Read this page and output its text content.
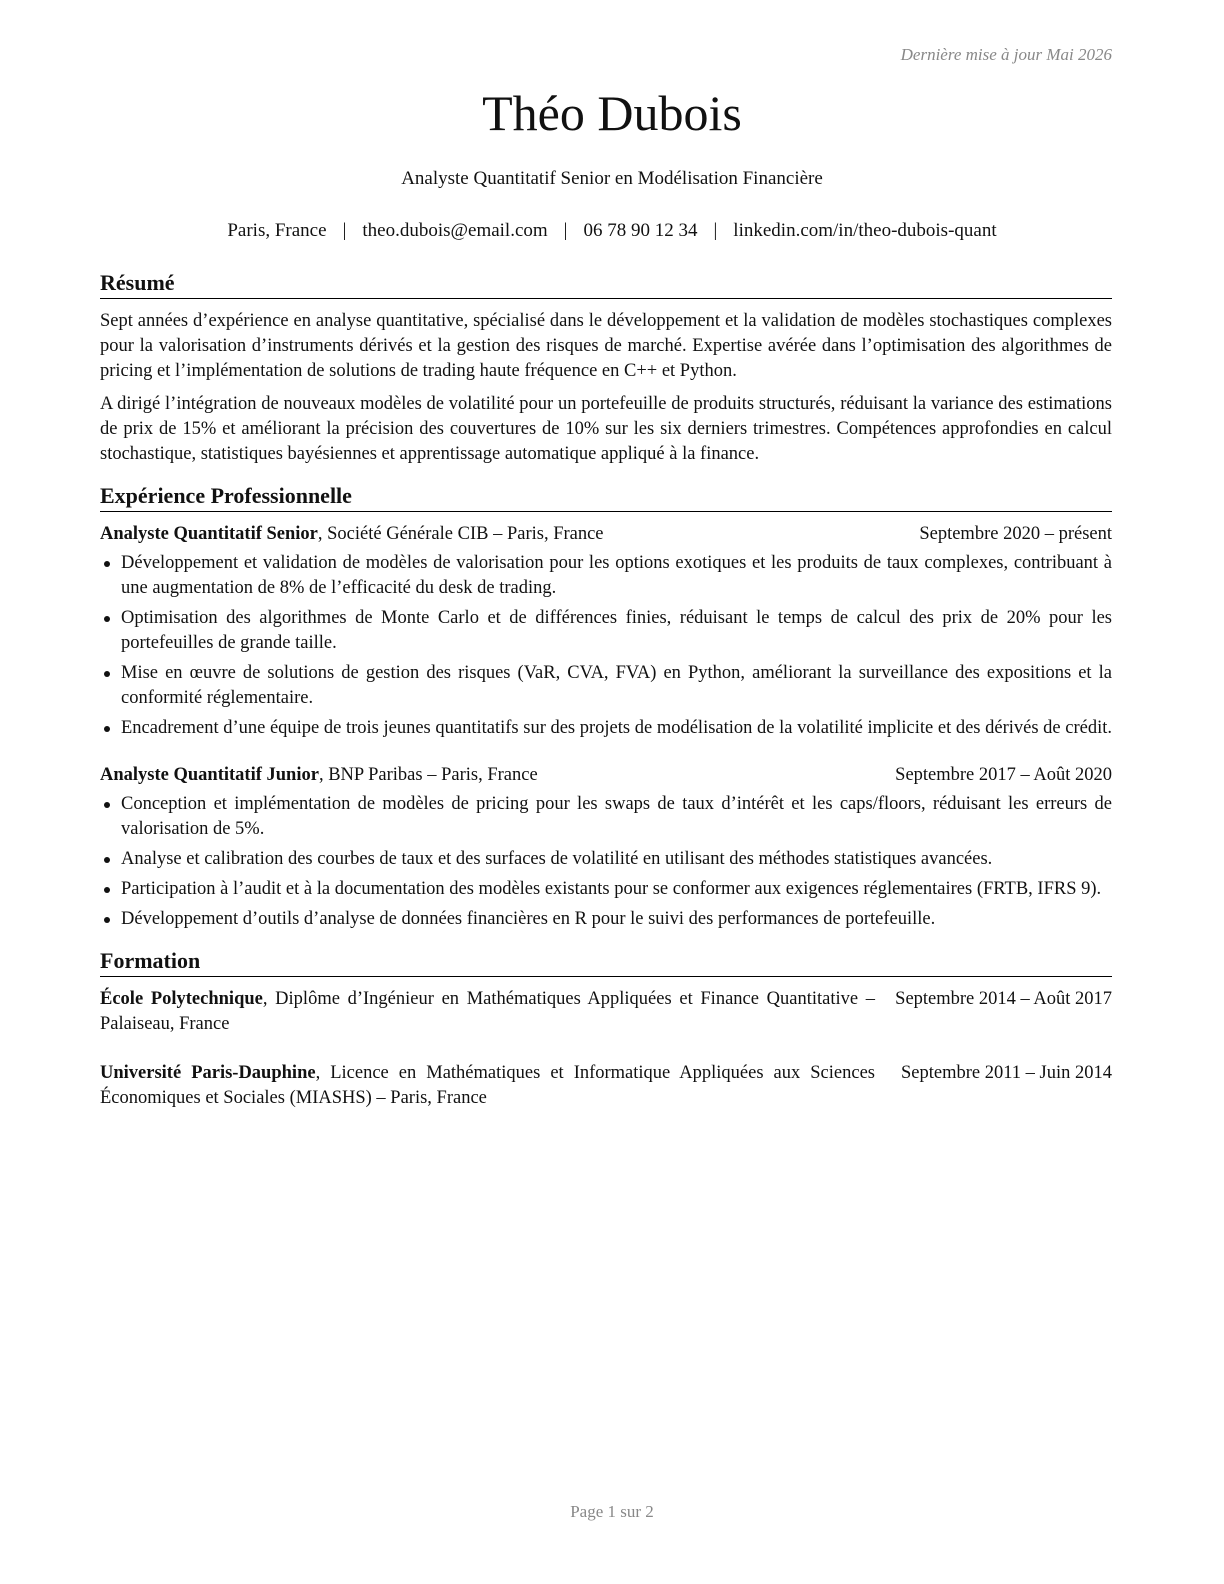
Dernière mise à jour Mai 2026
Théo Dubois
Analyste Quantitatif Senior en Modélisation Financière
Paris, France | theo.dubois@email.com | 06 78 90 12 34 | linkedin.com/in/theo-dubois-quant
Résumé

Sept années d’expérience en analyse quantitative, spécialisé dans le développement et la validation de modèles stochastiques complexes pour la valorisation d’instruments dérivés et la gestion des risques de marché. Expertise avérée dans l’optimisation des algorithmes de pricing et l’implémentation de solutions de trading haute fréquence en C++ et Python.

A dirigé l’intégration de nouveaux modèles de volatilité pour un portefeuille de produits structurés, réduisant la variance des estimations de prix de 15% et améliorant la précision des couvertures de 10% sur les six derniers trimestres. Compétences approfondies en calcul stochastique, statistiques bayésiennes et apprentissage automatique appliqué à la finance.

Expérience Professionnelle
Analyste Quantitatif Senior, Société Générale CIB – Paris, France	Septembre 2020 – présent
Développement et validation de modèles de valorisation pour les options exotiques et les produits de taux complexes, contribuant à une augmentation de 8% de l’efficacité du desk de trading.
Optimisation des algorithmes de Monte Carlo et de différences finies, réduisant le temps de calcul des prix de 20% pour les portefeuilles de grande taille.
Mise en œuvre de solutions de gestion des risques (VaR, CVA, FVA) en Python, améliorant la surveillance des expositions et la conformité réglementaire.
Encadrement d’une équipe de trois jeunes quantitatifs sur des projets de modélisation de la volatilité implicite et des dérivés de crédit.
Analyste Quantitatif Junior, BNP Paribas – Paris, France	Septembre 2017 – Août 2020
Conception et implémentation de modèles de pricing pour les swaps de taux d’intérêt et les caps/floors, réduisant les erreurs de valorisation de 5%.
Analyse et calibration des courbes de taux et des surfaces de volatilité en utilisant des méthodes statistiques avancées.
Participation à l’audit et à la documentation des modèles existants pour se conformer aux exigences réglementaires (FRTB, IFRS 9).
Développement d’outils d’analyse de données financières en R pour le suivi des performances de portefeuille.
Formation
École Polytechnique, Diplôme d’Ingénieur en Mathématiques Appliquées et Finance Quantitative – Palaiseau, France
Septembre 2014 – Août 2017
Université Paris-Dauphine, Licence en Mathématiques et Informatique Appliquées aux Sciences Économiques et Sociales (MIASHS) – Paris, France
Septembre 2011 – Juin 2014
Page 1 sur 2
